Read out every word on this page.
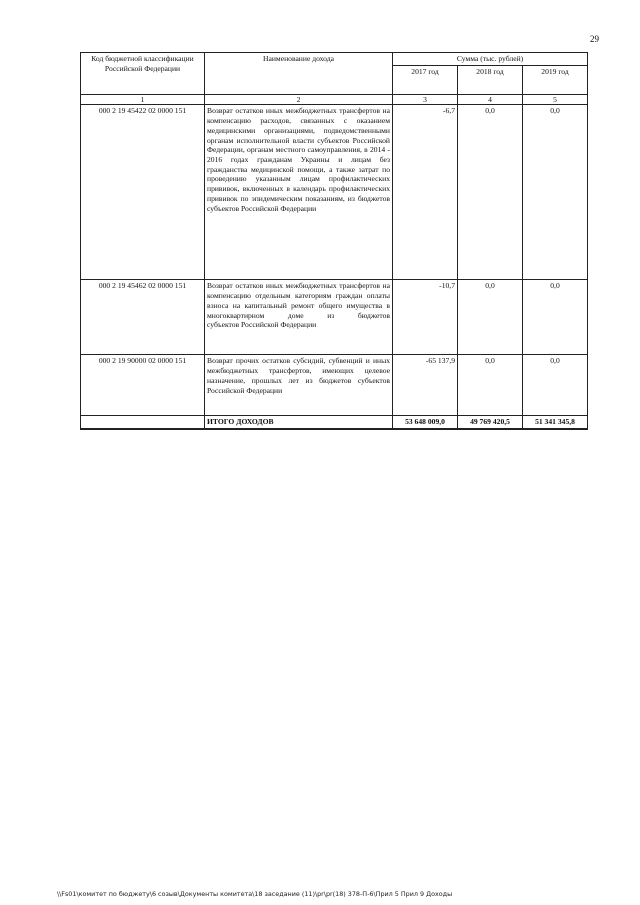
29
Код бюджетной классификации Российской Федерации	Наименование дохода	Сумма (тыс. рублей)		
		2017 год	2018 год	2019 год
1	2	3	4	5
000 2 19 45422 02 0000 151	Возврат остатков иных межбюджетных трансфертов на компенсацию расходов, связанных с оказанием медицинскими организациями, подведомственными органам исполнительной власти субъектов Российской Федерации, органам местного самоуправления, в 2014 - 2016 годах гражданам Украины и лицам без гражданства медицинской помощи, а также затрат по проведению указанным лицам профилактических прививок, включенных в календарь профилактических прививок по эпидемическим показаниям, из бюджетов
субъектов Российской Федерации	-6,7	0,0	0,0
000 2 19 45462 02 0000 151	Возврат остатков иных межбюджетных трансфертов на компенсацию отдельным категориям граждан оплаты взноса на капитальный ремонт общего имущества в многоквартирном доме из бюджетов
субъектов Российской Федерации	-10,7	0,0	0,0
000 2 19 90000 02 0000 151	Возврат прочих остатков субсидий, субвенций и иных межбюджетных трансфертов, имеющих целевое назначение, прошлых лет из бюджетов субъектов
Российской Федерации	-65 137,9	0,0	0,0
	ИТОГО ДОХОДОВ	53 648 009,0	49 769 420,5	51 341 345,8
\\Fs01\комитет по бюджету\6 созыв\Документы комитета\18 заседание (11)\pr\pr(18) 378-П-6\Прил 5 Прил 9 Доходы
